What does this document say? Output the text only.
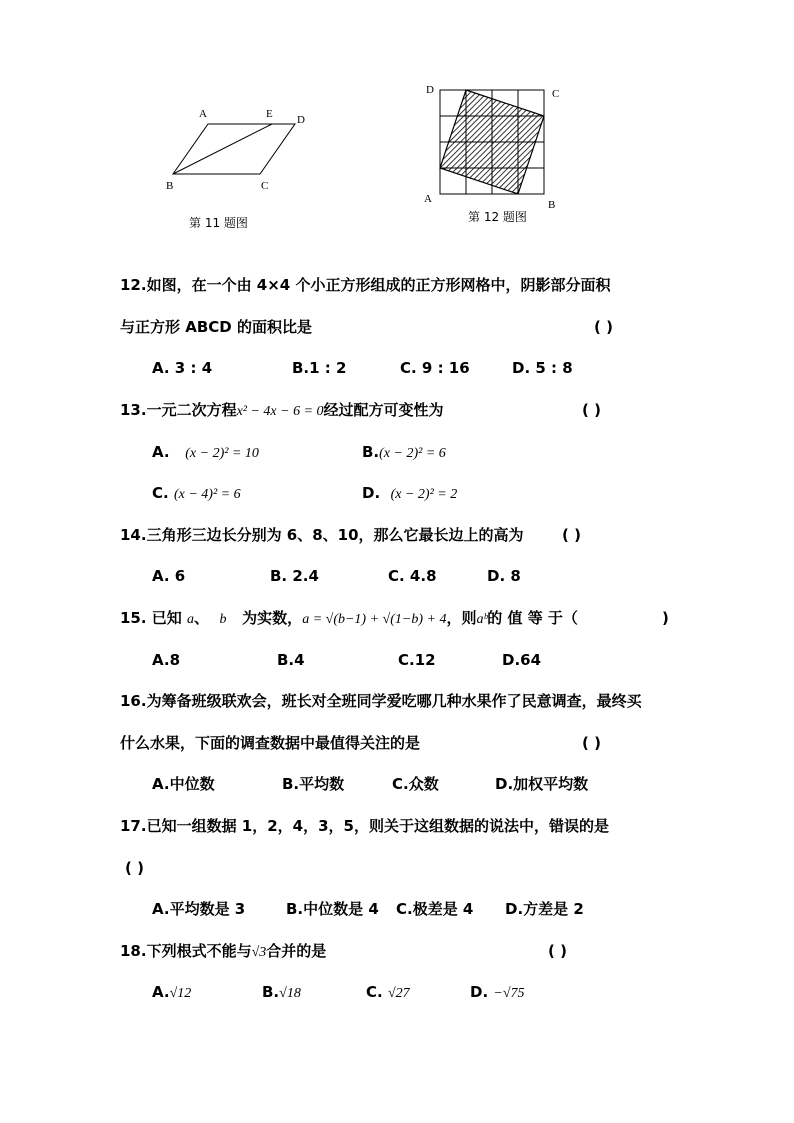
A	E D
B	C
第 11 题图
D	C
A	B
第 12 题图
12.如图，在一个由 4×4 个小正方形组成的正方形网格中，阴影部分面积
与正方形 ABCD 的面积比是	( )
A. 3 : 4	B.1 : 2	C. 9 : 16	D. 5 : 8
13.一元二次方程x² − 4x − 6 = 0经过配方可变性为	( )
A. (x − 2)² = 10	B.(x − 2)² = 6
C. (x − 4)² = 6	D. (x − 2)² = 2
14.三角形三边长分别为 6、8、10，那么它最长边上的高为	( )
A. 6	B. 2.4	C. 4.8	D. 8
15. 已知 a、 b 为实数，a = √(b−1) + √(1−b) + 4，则aᵇ的 值 等 于（	)
A.8	B.4	C.12	D.64
16.为筹备班级联欢会，班长对全班同学爱吃哪几种水果作了民意调查，最终买
什么水果，下面的调查数据中最值得关注的是	( )
A.中位数	B.平均数	C.众数	D.加权平均数
17.已知一组数据 1，2，4，3，5，则关于这组数据的说法中，错误的是
( )
A.平均数是 3	B.中位数是 4 C.极差是 4 D.方差是 2
18.下列根式不能与√3合并的是	( )
A.√12	B.√18	C. √27	D. −√75
